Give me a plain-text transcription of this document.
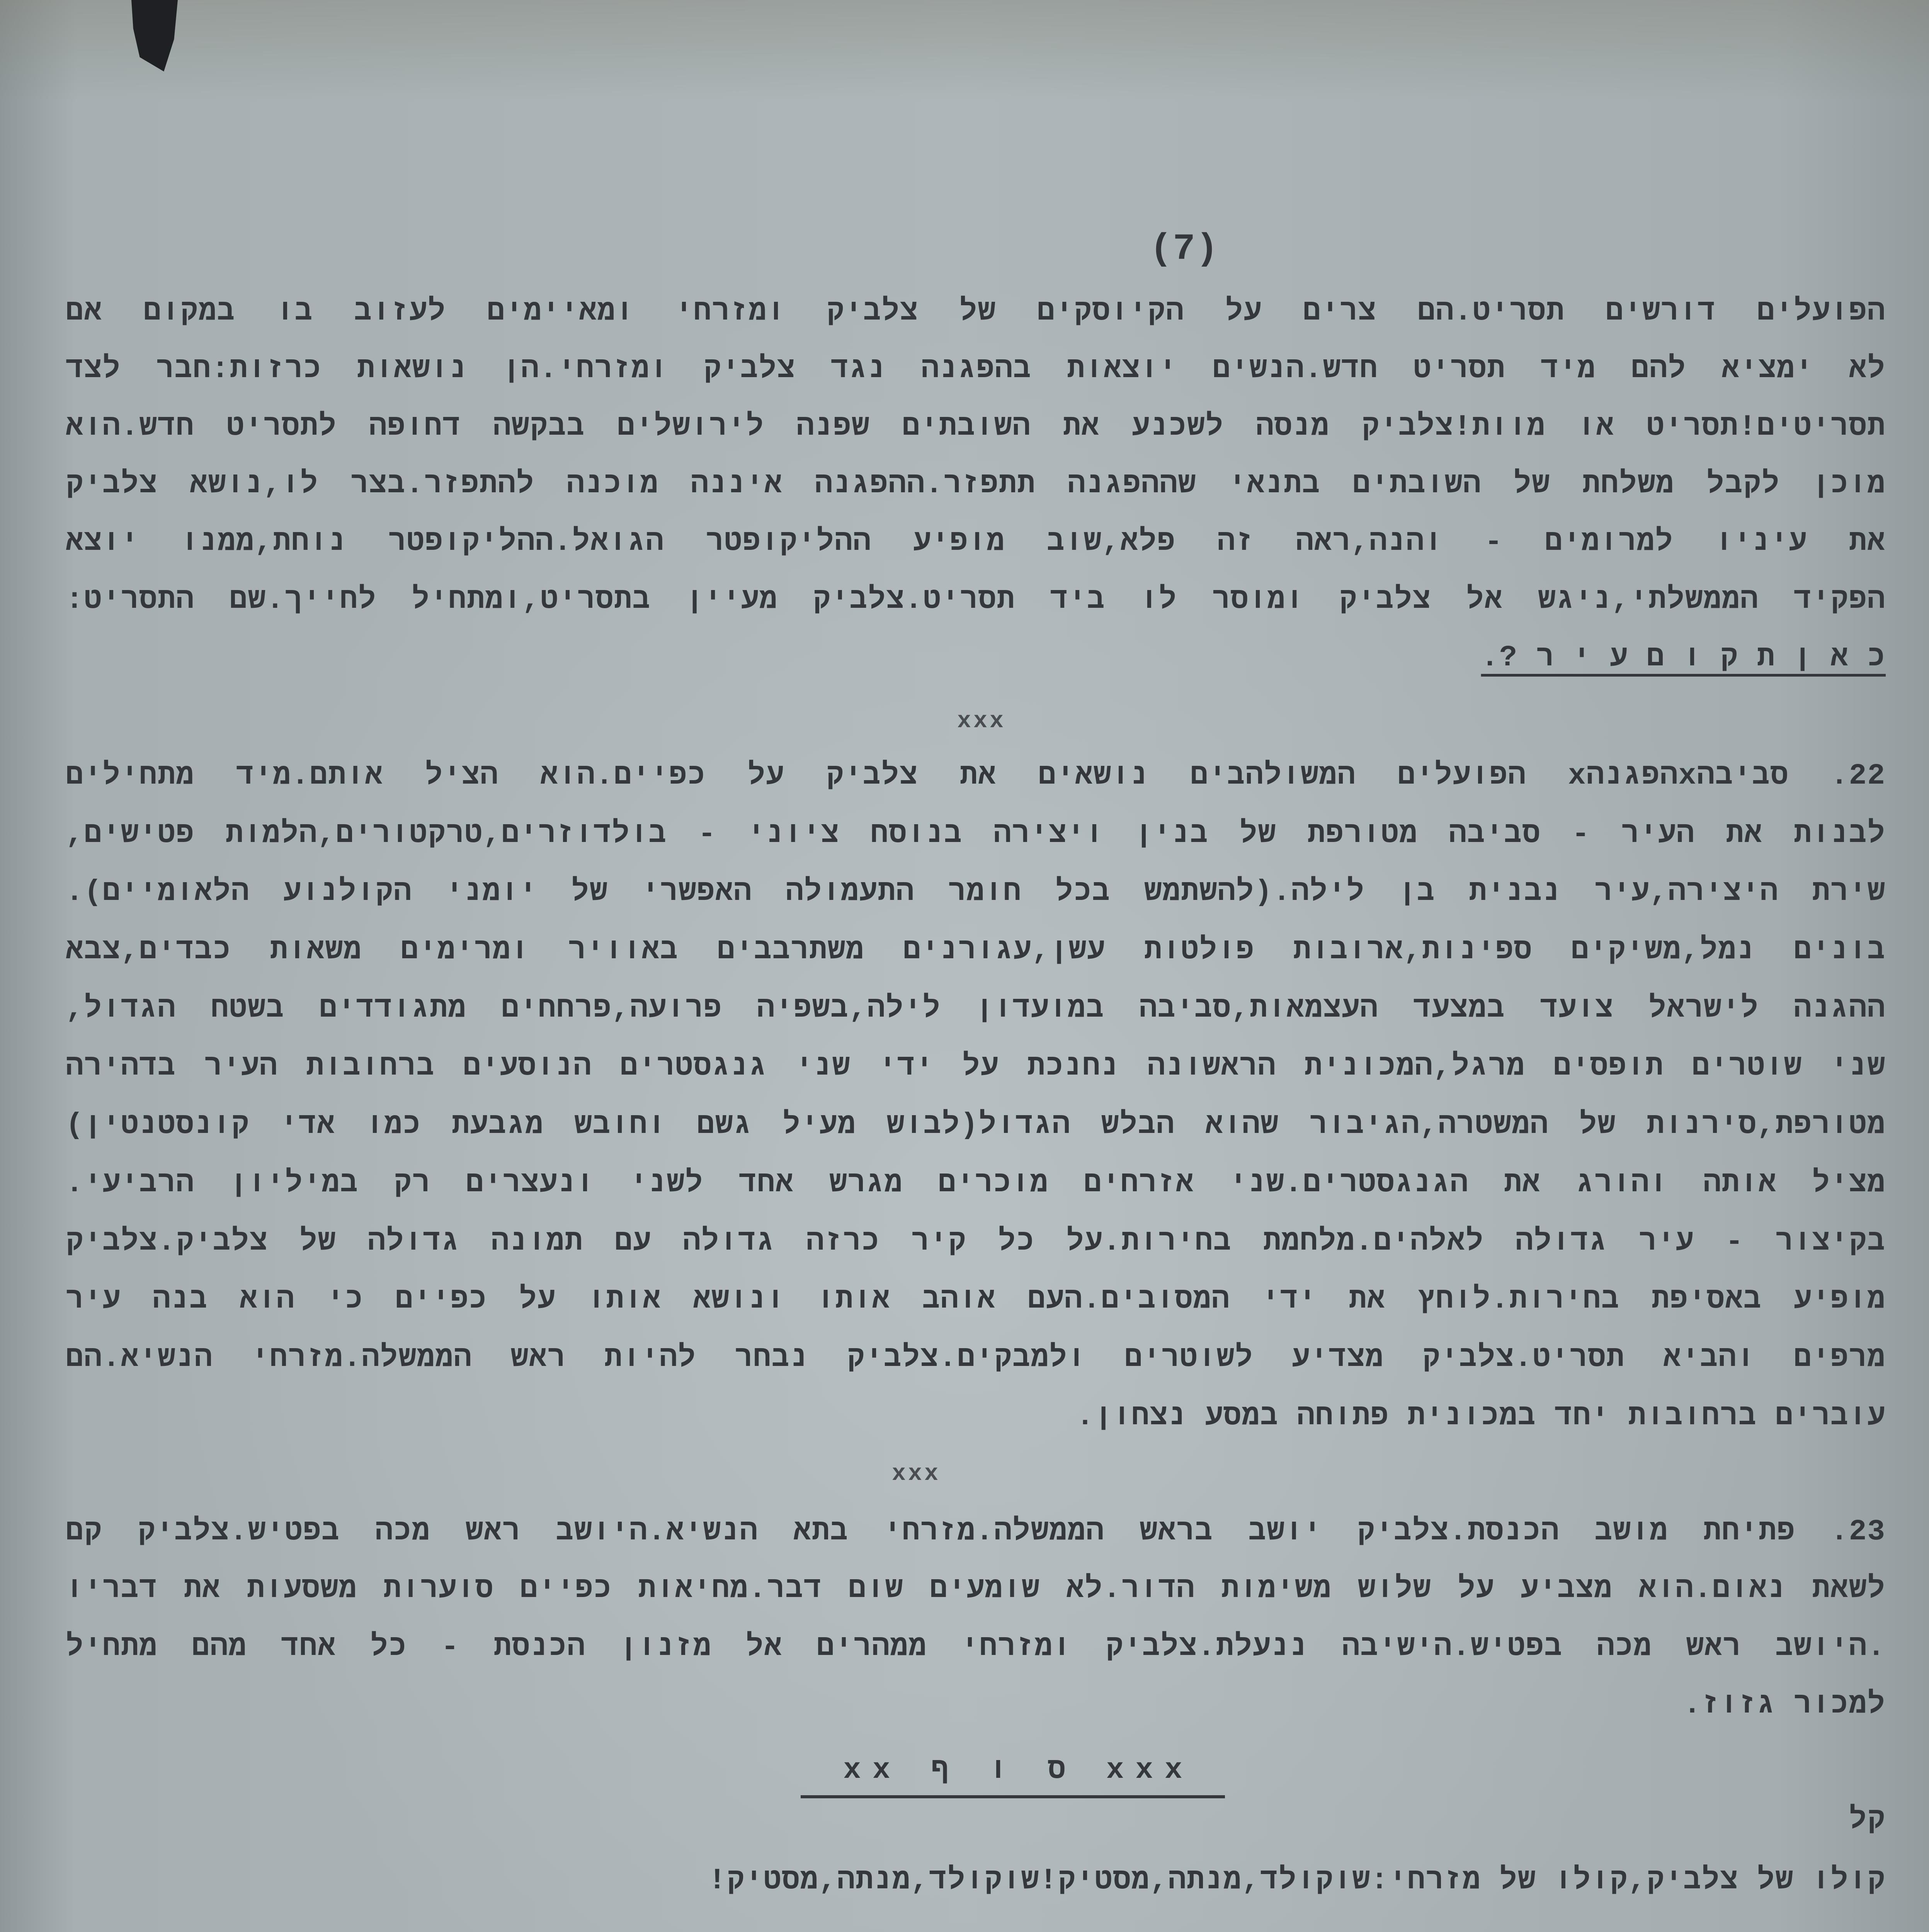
(7)
הפועלים דורשים תסריט.הם צרים על הקיוסקים של צלביק ומזרחי ומאיימים לעזוב בו במקום אם
לא ימציא להם מיד תסריט חדש.הנשים יוצאות בהפגנה נגד צלביק ומזרחי.הן נושאות כרזות:חבר לצד
תסריטים!תסריט או מוות!צלביק מנסה לשכנע את השובתים שפנה לירושלים בבקשה דחופה לתסריט חדש.הוא
מוכן לקבל משלחת של השובתים בתנאי שההפגנה תתפזר.ההפגנה איננה מוכנה להתפזר.בצר לו,נושא צלביק
את עיניו למרומים - והנה,ראה זה פלא,שוב מופיע ההליקופטר הגואל.ההליקופטר נוחת,ממנו יוצא
הפקיד הממשלתי,ניגש אל צלביק ומוסר לו ביד תסריט.צלביק מעיין בתסריט,ומתחיל לחייך.שם התסריט:
כ א ן ת ק ו ם ע י ר ?.
xxx
22. סביבהxהפגנהx הפועלים המשולהבים נושאים את צלביק על כפיים.הוא הציל אותם.מיד מתחילים
לבנות את העיר - סביבה מטורפת של בנין ויצירה בנוסח ציוני - בולדוזרים,טרקטורים,הלמות פטישים,
שירת היצירה,עיר נבנית בן לילה.(להשתמש בכל חומר התעמולה האפשרי של יומני הקולנוע הלאומיים).
בונים נמל,משיקים ספינות,ארובות פולטות עשן,עגורנים משתרבבים באוויר ומרימים משאות כבדים,צבא
ההגנה לישראל צועד במצעד העצמאות,סביבה במועדון לילה,בשפיה פרועה,פרחחים מתגודדים בשטח הגדול,
שני שוטרים תופסים מרגל,המכונית הראשונה נחנכת על ידי שני גנגסטרים הנוסעים ברחובות העיר בדהירה
מטורפת,סירנות של המשטרה,הגיבור שהוא הבלש הגדול(לבוש מעיל גשם וחובש מגבעת כמו אדי קונסטנטין)
מציל אותה והורג את הגנגסטרים.שני אזרחים מוכרים מגרש אחד לשני ונעצרים רק במיליון הרביעי.
בקיצור - עיר גדולה לאלהים.מלחמת בחירות.על כל קיר כרזה גדולה עם תמונה גדולה של צלביק.צלביק
מופיע באסיפת בחירות.לוחץ את ידי המסובים.העם אוהב אותו ונושא אותו על כפיים כי הוא בנה עיר
מרפים והביא תסריט.צלביק מצדיע לשוטרים ולמבקים.צלביק נבחר להיות ראש הממשלה.מזרחי הנשיא.הם
עוברים ברחובות יחד במכונית פתוחה במסע נצחון.
xxx
23. פתיחת מושב הכנסת.צלביק יושב בראש הממשלה.מזרחי בתא הנשיא.היושב ראש מכה בפטיש.צלביק קם
לשאת נאום.הוא מצביע על שלוש משימות הדור.לא שומעים שום דבר.מחיאות כפיים סוערות משסעות את דבריו
.היושב ראש מכה בפטיש.הישיבה ננעלת.צלביק ומזרחי ממהרים אל מזנון הכנסת - כל אחד מהם מתחיל
למכור גזוז.
xx ס ו ף xxx
קל
קולו של צלביק,קולו של מזרחי:שוקולד,מנתה,מסטיק!שוקולד,מנתה,מסטיק!
